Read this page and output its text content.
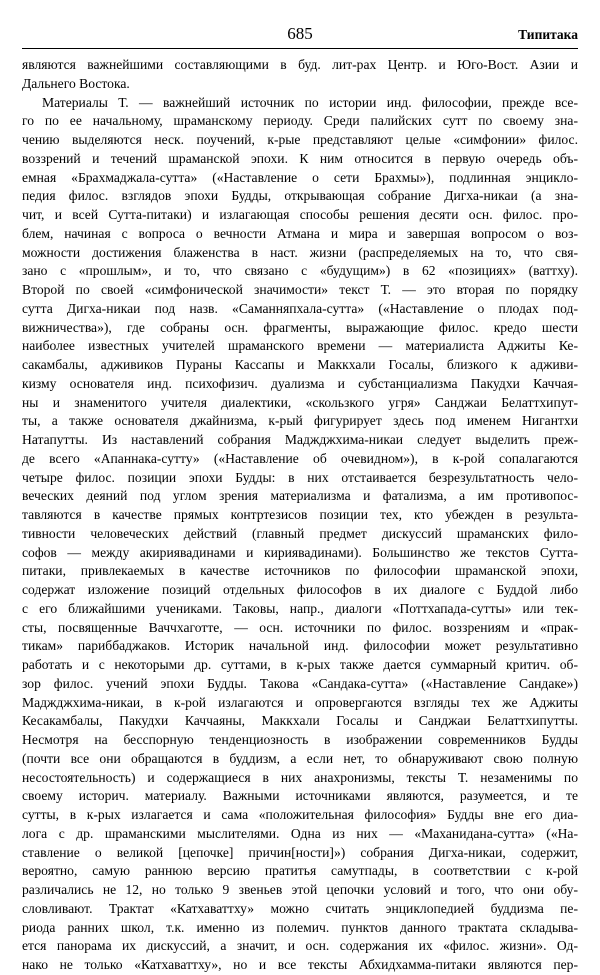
685	Типитака
являются важнейшими составляющими в буд. лит-рах Центр. и Юго-Вост. Азии и
Дальнего Востока.
Материалы Т. — важнейший источник по истории инд. философии, прежде все-
го по ее начальному, шраманскому периоду. Среди палийских сутт по своему зна-
чению выделяются неск. поучений, к-рые представляют целые «симфонии» филос.
воззрений и течений шраманской эпохи. К ним относится в первую очередь объ-
емная «Брахмаджала-сутта» («Наставление о сети Брахмы»), подлинная энцикло-
педия филос. взглядов эпохи Будды, открывающая собрание Дигха-никаи (а зна-
чит, и всей Сутта-питаки) и излагающая способы решения десяти осн. филос. про-
блем, начиная с вопроса о вечности Атмана и мира и завершая вопросом о воз-
можности достижения блаженства в наст. жизни (распределяемых на то, что свя-
зано с «прошлым», и то, что связано с «будущим») в 62 «позициях» (ваттху).
Второй по своей «симфонической значимости» текст Т. — это вторая по порядку
сутта Дигха-никаи под назв. «Саманняпхала-сутта» («Наставление о плодах под-
вижничества»), где собраны осн. фрагменты, выражающие филос. кредо шести
наиболее известных учителей шраманского времени — материалиста Аджиты Ке-
сакамбалы, адживиков Пураны Кассапы и Маккхали Госалы, близкого к адживи-
кизму основателя инд. психофизич. дуализма и субстанциализма Пакудхи Каччая-
ны и знаменитого учителя диалектики, «скользкого угря» Санджаи Белаттхипут-
ты, а также основателя джайнизма, к-рый фигурирует здесь под именем Нигантхи
Натапутты. Из наставлений собрания Маджджхима-никаи следует выделить преж-
де всего «Апаннака-сутту» («Наставление об очевидном»), в к-рой сопалагаются
четыре филос. позиции эпохи Будды: в них отстаивается безрезультатность чело-
веческих деяний под углом зрения материализма и фатализма, а им противопос-
тавляются в качестве прямых контртезисов позиции тех, кто убежден в результа-
тивности человеческих действий (главный предмет дискуссий шраманских фило-
софов — между акириявадинами и кириявадинами). Большинство же текстов Сутта-
питаки, привлекаемых в качестве источников по философии шраманской эпохи,
содержат изложение позиций отдельных философов в их диалоге с Буддой либо
с его ближайшими учениками. Таковы, напр., диалоги «Поттхапада-сутты» или тек-
сты, посвященные Ваччхаготте, — осн. источники по филос. воззрениям и «прак-
тикам» париббаджаков. Историк начальной инд. философии может результативно
работать и с некоторыми др. суттами, в к-рых также дается суммарный критич. об-
зор филос. учений эпохи Будды. Такова «Сандака-сутта» («Наставление Сандаке»)
Маджджхима-никаи, в к-рой излагаются и опровергаются взгляды тех же Аджиты
Кесакамбалы, Пакудхи Каччаяны, Маккхали Госалы и Санджаи Белаттхипутты.
Несмотря на бесспорную тенденциозность в изображении современников Будды
(почти все они обращаются в буддизм, а если нет, то обнаруживают свою полную
несостоятельность) и содержащиеся в них анахронизмы, тексты Т. незаменимы по
своему историч. материалу. Важными источниками являются, разумеется, и те
сутты, в к-рых излагается и сама «положительная философия» Будды вне его диа-
лога с др. шраманскими мыслителями. Одна из них — «Маханидана-сутта» («На-
ставление о великой [цепочке] причин[ности]») собрания Дигха-никаи, содержит,
вероятно, самую раннюю версию пратитья самутпады, в соответствии с к-рой
различались не 12, но только 9 звеньев этой цепочки условий и того, что они обу-
словливают. Трактат «Катхаваттху» можно считать энциклопедией буддизма пе-
риода ранних школ, т.к. именно из полемич. пунктов данного трактата складыва-
ется панорама их дискуссий, а значит, и осн. содержания их «филос. жизни». Од-
нако не только «Катхаваттху», но и все тексты Абхидхамма-питаки являются пер-
